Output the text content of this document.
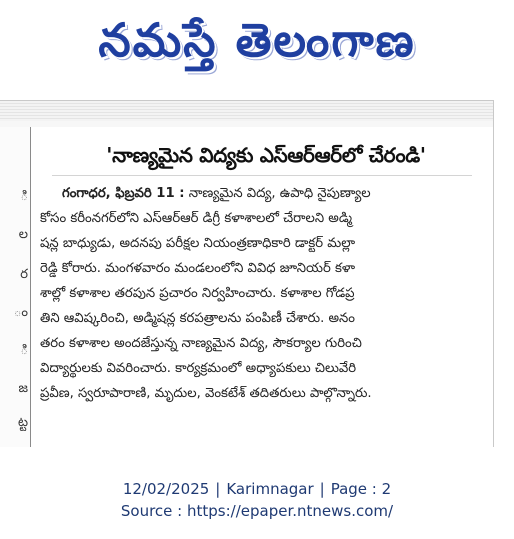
నమస్తే తెలంగాణ
ి
ల
ర
ం
ి
జ
ట్ట
'నాణ్యమైన విద్యకు ఎస్‌ఆర్‌ఆర్‌లో చేరండి'
గంగాధర, ఫిబ్రవరి 11 : నాణ్యమైన విద్య, ఉపాధి నైపుణ్యాల
కోసం కరీంనగర్‌లోని ఎస్‌ఆర్‌ఆర్ డిగ్రీ కళాశాలలో చేరాలని అడ్మి
షన్ల బాధ్యుడు, అదనపు పరీక్షల నియంత్రణాధికారి డాక్టర్ మల్లా
రెడ్డి కోరారు. మంగళవారం మండలంలోని వివిధ జూనియర్ కళా
శాల్లో కళాశాల తరపున ప్రచారం నిర్వహించారు. కళాశాల గోడప్ర
తిని ఆవిష్కరించి, అడ్మిషన్ల కరపత్రాలను పంపిణీ చేశారు. అనం
తరం కళాశాల అందజేస్తున్న నాణ్యమైన విద్య, సౌకర్యాల గురించి
విద్యార్థులకు వివరించారు. కార్యక్రమంలో అధ్యాపకులు చిలువేరి
ప్రవీణ, స్వరూపారాణి, మృదుల, వెంకటేశ్ తదితరులు పాల్గొన్నారు.
12/02/2025 | Karimnagar | Page : 2
Source : https://epaper.ntnews.com/
